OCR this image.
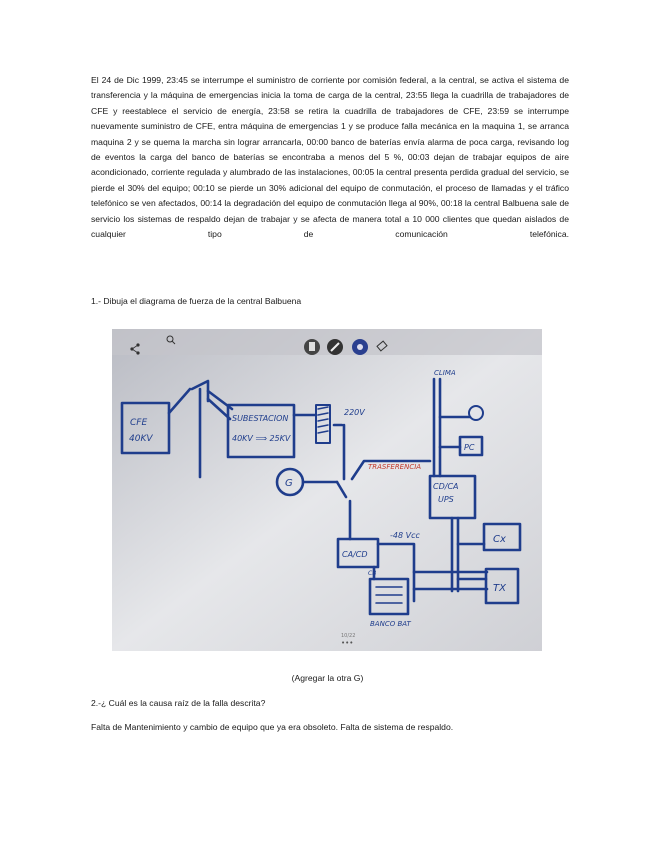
El 24 de Dic 1999, 23:45 se interrumpe el suministro de corriente por comisión federal, a la central, se activa el sistema de transferencia y la máquina de emergencias inicia la toma de carga de la central, 23:55 llega la cuadrilla de trabajadores de CFE y reestablece el servicio de energía, 23:58 se retira la cuadrilla de trabajadores de CFE, 23:59 se interrumpe nuevamente suministro de CFE, entra máquina de emergencias 1 y se produce falla mecánica en la maquina 1, se arranca maquina 2 y se quema la marcha sin lograr arrancarla, 00:00 banco de baterías envía alarma de poca carga, revisando log de eventos la carga del banco de baterías se encontraba a menos del 5 %, 00:03 dejan de trabajar equipos de aire acondicionado, corriente regulada y alumbrado de las instalaciones, 00:05 la central presenta perdida gradual del servicio, se pierde el 30% del equipo; 00:10 se pierde un 30% adicional del equipo de conmutación, el proceso de llamadas y el tráfico telefónico se ven afectados, 00:14 la degradación del equipo de conmutación llega al 90%, 00:18 la central Balbuena sale de servicio los sistemas de respaldo dejan de trabajar y se afecta de manera total a 10 000 clientes que quedan aislados de cualquier tipo de comunicación telefónica.

1.- Dibuja el diagrama de fuerza de la central Balbuena
TRASFERENCIA
CFE
40KV
SUBESTACION
40KV ⟹ 25KV
220V
G
CLIMA
PC
CD/CA
UPS
CA/CD
-48 Vcc	Cx
TX
CB
BANCO BAT
10/22
•••
(Agregar la otra G)
2.-¿ Cuál es la causa raíz de la falla descrita?
Falta de Mantenimiento y cambio de equipo que ya era obsoleto. Falta de sistema de respaldo.
